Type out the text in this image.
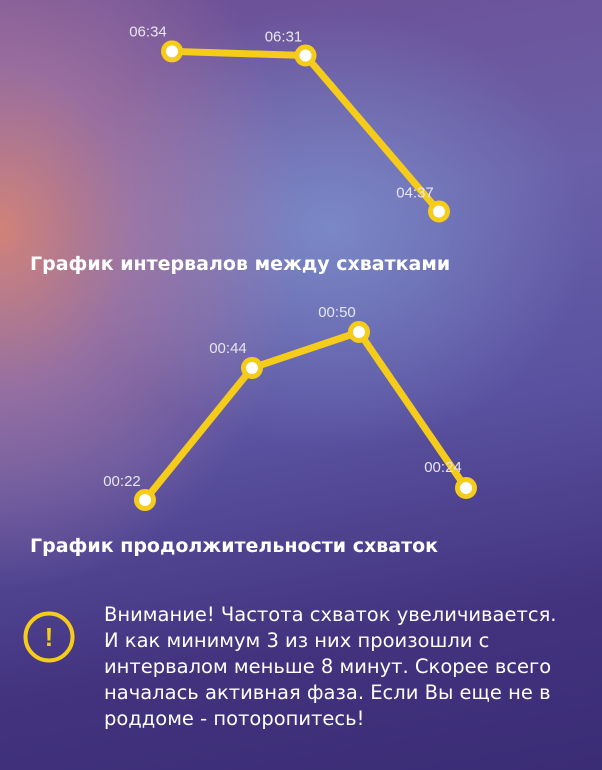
06:34	06:31
04:37

График интервалов между схватками

00:22
00:44
00:50
00:24

График продолжительности схваток

!

Внимание! Частота схваток увеличивается. И как минимум 3 из них произошли с интервалом меньше 8 минут. Скорее всего началась активная фаза. Если Вы еще не в роддоме - поторопитесь!
